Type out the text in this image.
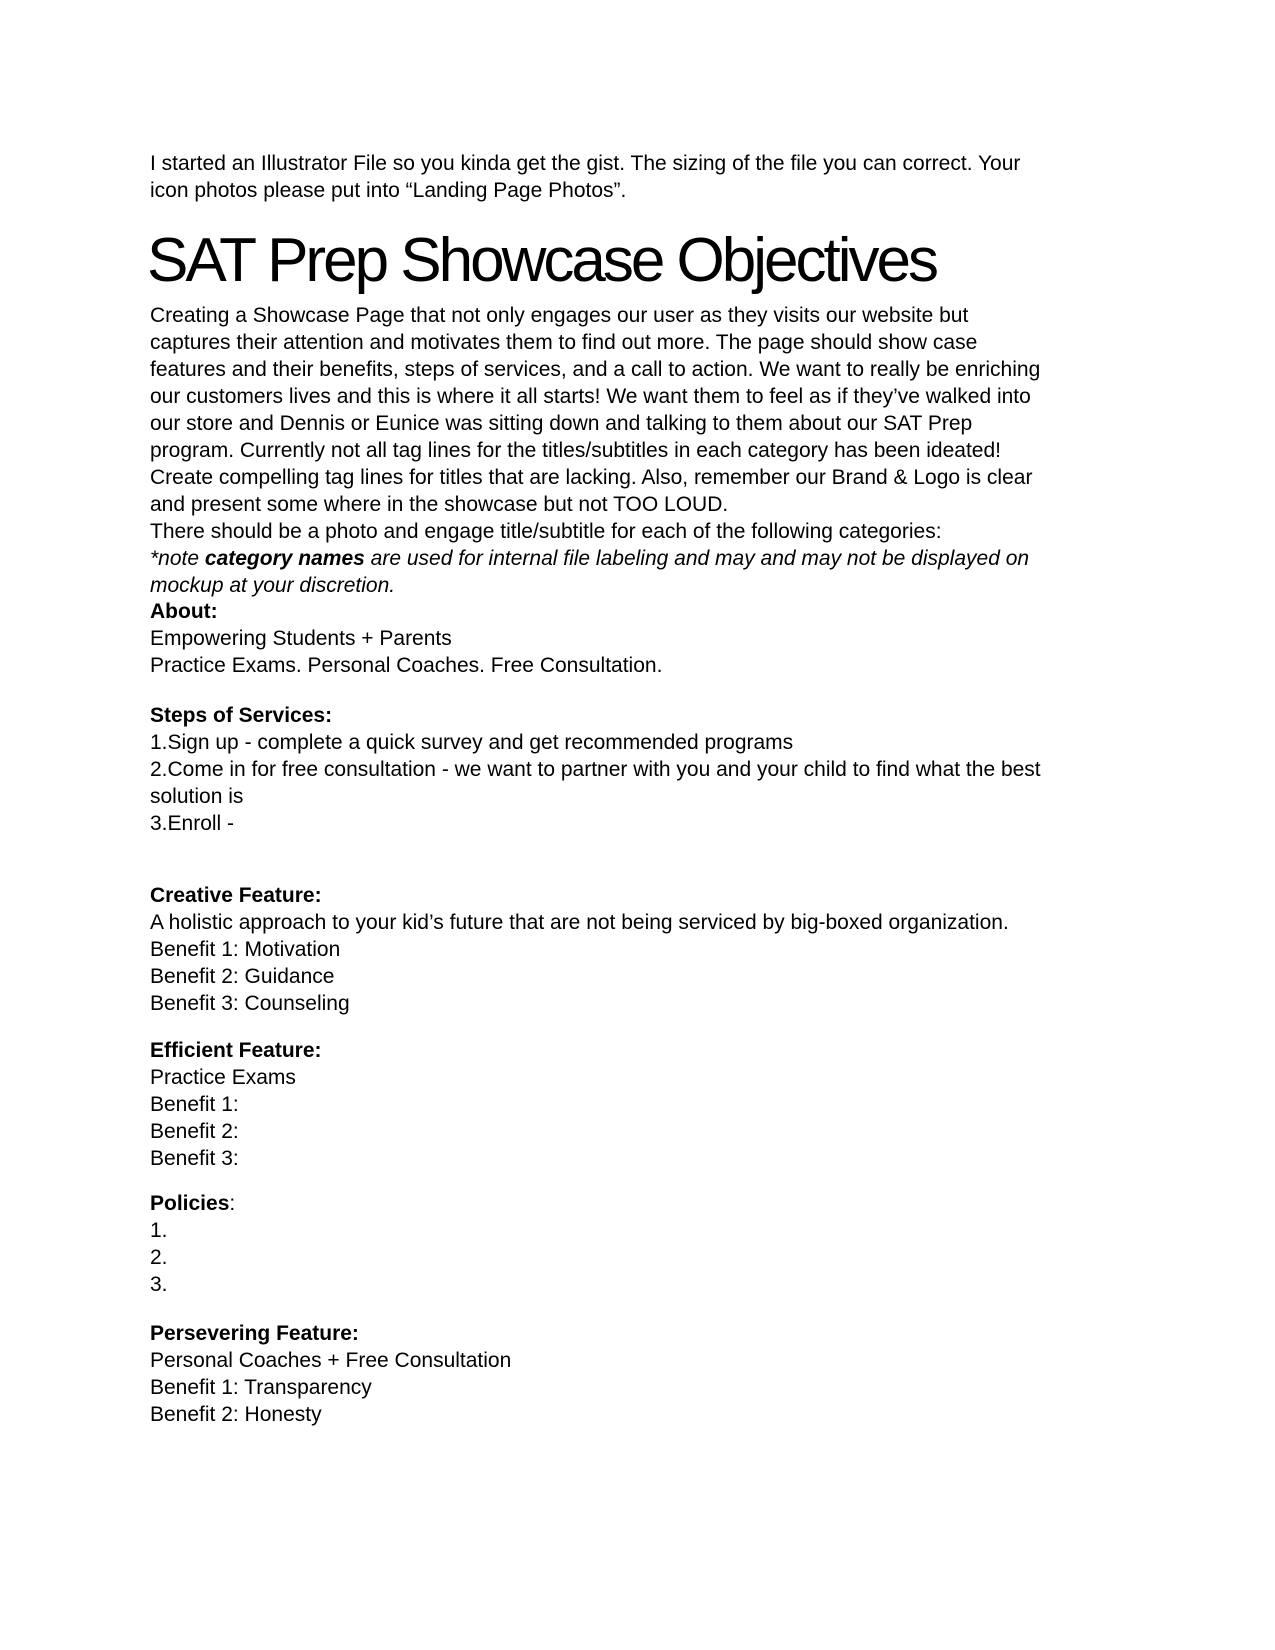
I started an Illustrator File so you kinda get the gist. The sizing of the file you can correct. Your
icon photos please put into “Landing Page Photos”.
SAT Prep Showcase Objectives
Creating a Showcase Page that not only engages our user as they visits our website but
captures their attention and motivates them to find out more. The page should show case
features and their benefits, steps of services, and a call to action. We want to really be enriching
our customers lives and this is where it all starts! We want them to feel as if they’ve walked into
our store and Dennis or Eunice was sitting down and talking to them about our SAT Prep
program. Currently not all tag lines for the titles/subtitles in each category has been ideated!
Create compelling tag lines for titles that are lacking. Also, remember our Brand & Logo is clear
and present some where in the showcase but not TOO LOUD.
There should be a photo and engage title/subtitle for each of the following categories:
*note category names are used for internal file labeling and may and may not be displayed on
mockup at your discretion.
About:
Empowering Students + Parents
Practice Exams. Personal Coaches. Free Consultation.
Steps of Services:
1.Sign up - complete a quick survey and get recommended programs
2.Come in for free consultation - we want to partner with you and your child to find what the best
solution is
3.Enroll -
Creative Feature:
A holistic approach to your kid’s future that are not being serviced by big-boxed organization.
Benefit 1: Motivation
Benefit 2: Guidance
Benefit 3: Counseling
Efficient Feature:
Practice Exams
Benefit 1:
Benefit 2:
Benefit 3:
Policies:
1.
2.
3.
Persevering Feature:
Personal Coaches + Free Consultation
Benefit 1: Transparency
Benefit 2: Honesty
